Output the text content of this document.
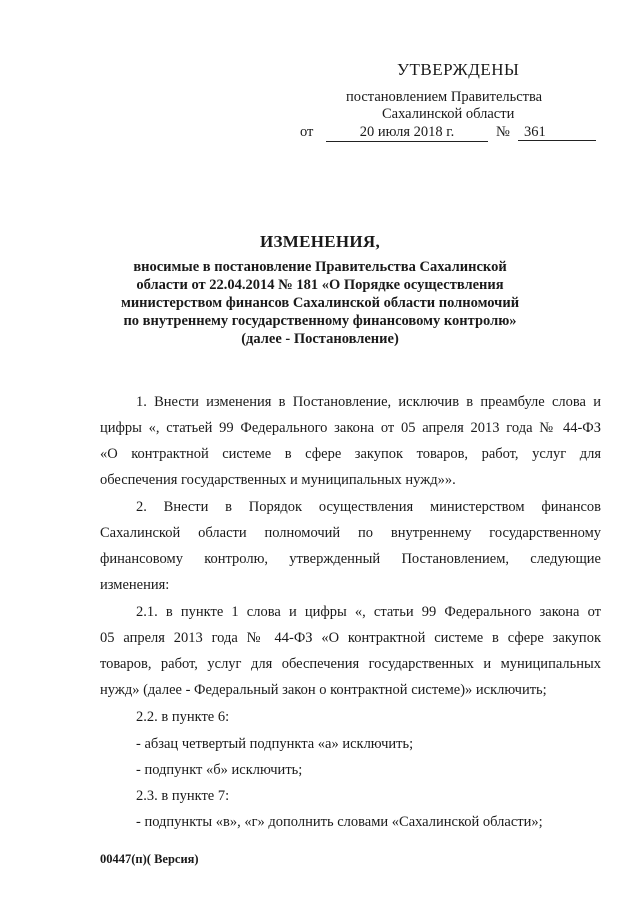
УТВЕРЖДЕНЫ
постановлением Правительства
Сахалинской области
от	20 июля 2018 г.	№ 361
ИЗМЕНЕНИЯ,
вносимые в постановление Правительства Сахалинской
области от 22.04.2014 № 181 «О Порядке осуществления
министерством финансов Сахалинской области полномочий
по внутреннему государственному финансовому контролю»
(далее - Постановление)
1. Внести изменения в Постановление, исключив в преамбуле слова и
цифры «, статьей 99 Федерального закона от 05 апреля 2013 года № 44-ФЗ
«О контрактной системе в сфере закупок товаров, работ, услуг для
обеспечения государственных и муниципальных нужд»».
2. Внести в Порядок осуществления министерством финансов
Сахалинской области полномочий по внутреннему государственному
финансовому контролю, утвержденный Постановлением, следующие
изменения:
2.1. в пункте 1 слова и цифры «, статьи 99 Федерального закона от
05 апреля 2013 года № 44-ФЗ «О контрактной системе в сфере закупок
товаров, работ, услуг для обеспечения государственных и муниципальных
нужд» (далее - Федеральный закон о контрактной системе)» исключить;
2.2. в пункте 6:
- абзац четвертый подпункта «а» исключить;
- подпункт «б» исключить;
2.3. в пункте 7:
- подпункты «в», «г» дополнить словами «Сахалинской области»;
00447(п)( Версия)
